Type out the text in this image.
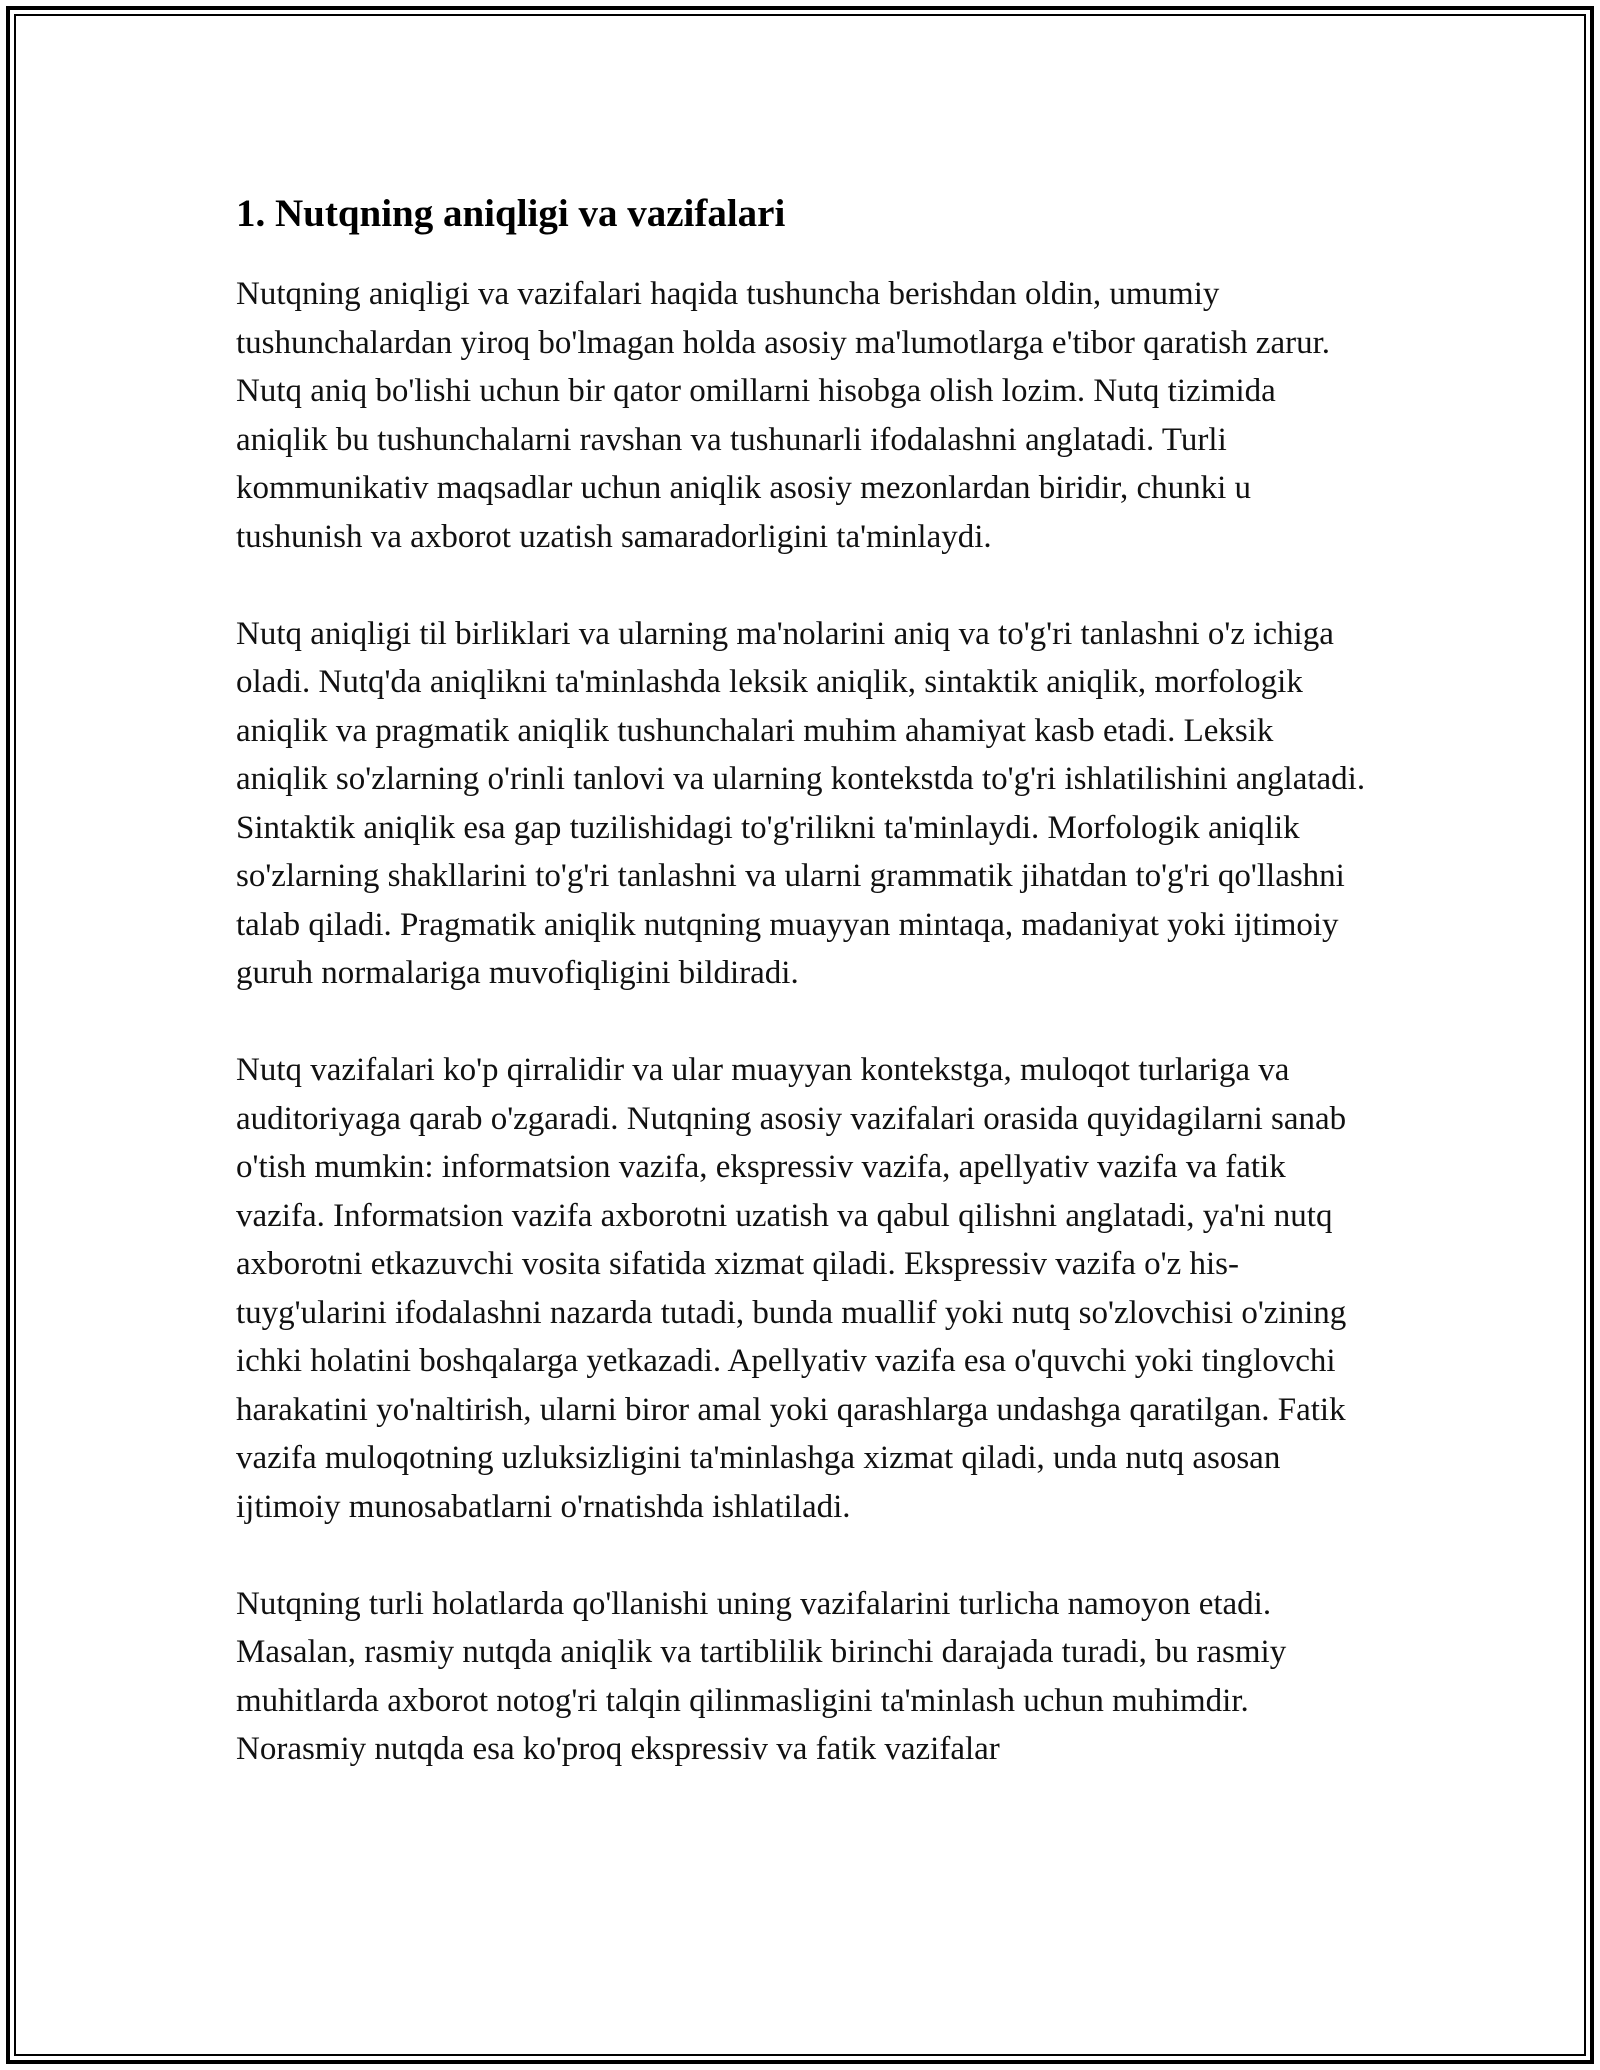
1. Nutqning aniqligi va vazifalari

Nutqning aniqligi va vazifalari haqida tushuncha berishdan oldin, umumiy tushunchalardan yiroq bo'lmagan holda asosiy ma'lumotlarga e'tibor qaratish zarur. Nutq aniq bo'lishi uchun bir qator omillarni hisobga olish lozim. Nutq tizimida aniqlik bu tushunchalarni ravshan va tushunarli ifodalashni anglatadi. Turli kommunikativ maqsadlar uchun aniqlik asosiy mezonlardan biridir, chunki u tushunish va axborot uzatish samaradorligini ta'minlaydi.

Nutq aniqligi til birliklari va ularning ma'nolarini aniq va to'g'ri tanlashni o'z ichiga oladi. Nutq'da aniqlikni ta'minlashda leksik aniqlik, sintaktik aniqlik, morfologik aniqlik va pragmatik aniqlik tushunchalari muhim ahamiyat kasb etadi. Leksik aniqlik so'zlarning o'rinli tanlovi va ularning kontekstda to'g'ri ishlatilishini anglatadi. Sintaktik aniqlik esa gap tuzilishidagi to'g'rilikni ta'minlaydi. Morfologik aniqlik so'zlarning shakllarini to'g'ri tanlashni va ularni grammatik jihatdan to'g'ri qo'llashni talab qiladi. Pragmatik aniqlik nutqning muayyan mintaqa, madaniyat yoki ijtimoiy guruh normalariga muvofiqligini bildiradi.

Nutq vazifalari ko'p qirralidir va ular muayyan kontekstga, muloqot turlariga va auditoriyaga qarab o'zgaradi. Nutqning asosiy vazifalari orasida quyidagilarni sanab o'tish mumkin: informatsion vazifa, ekspressiv vazifa, apellyativ vazifa va fatik vazifa. Informatsion vazifa axborotni uzatish va qabul qilishni anglatadi, ya'ni nutq axborotni etkazuvchi vosita sifatida xizmat qiladi. Ekspressiv vazifa o'z his-tuyg'ularini ifodalashni nazarda tutadi, bunda muallif yoki nutq so'zlovchisi o'zining ichki holatini boshqalarga yetkazadi. Apellyativ vazifa esa o'quvchi yoki tinglovchi harakatini yo'naltirish, ularni biror amal yoki qarashlarga undashga qaratilgan. Fatik vazifa muloqotning uzluksizligini ta'minlashga xizmat qiladi, unda nutq asosan ijtimoiy munosabatlarni o'rnatishda ishlatiladi.

Nutqning turli holatlarda qo'llanishi uning vazifalarini turlicha namoyon etadi. Masalan, rasmiy nutqda aniqlik va tartiblilik birinchi darajada turadi, bu rasmiy muhitlarda axborot notog'ri talqin qilinmasligini ta'minlash uchun muhimdir. Norasmiy nutqda esa ko'proq ekspressiv va fatik vazifalar
